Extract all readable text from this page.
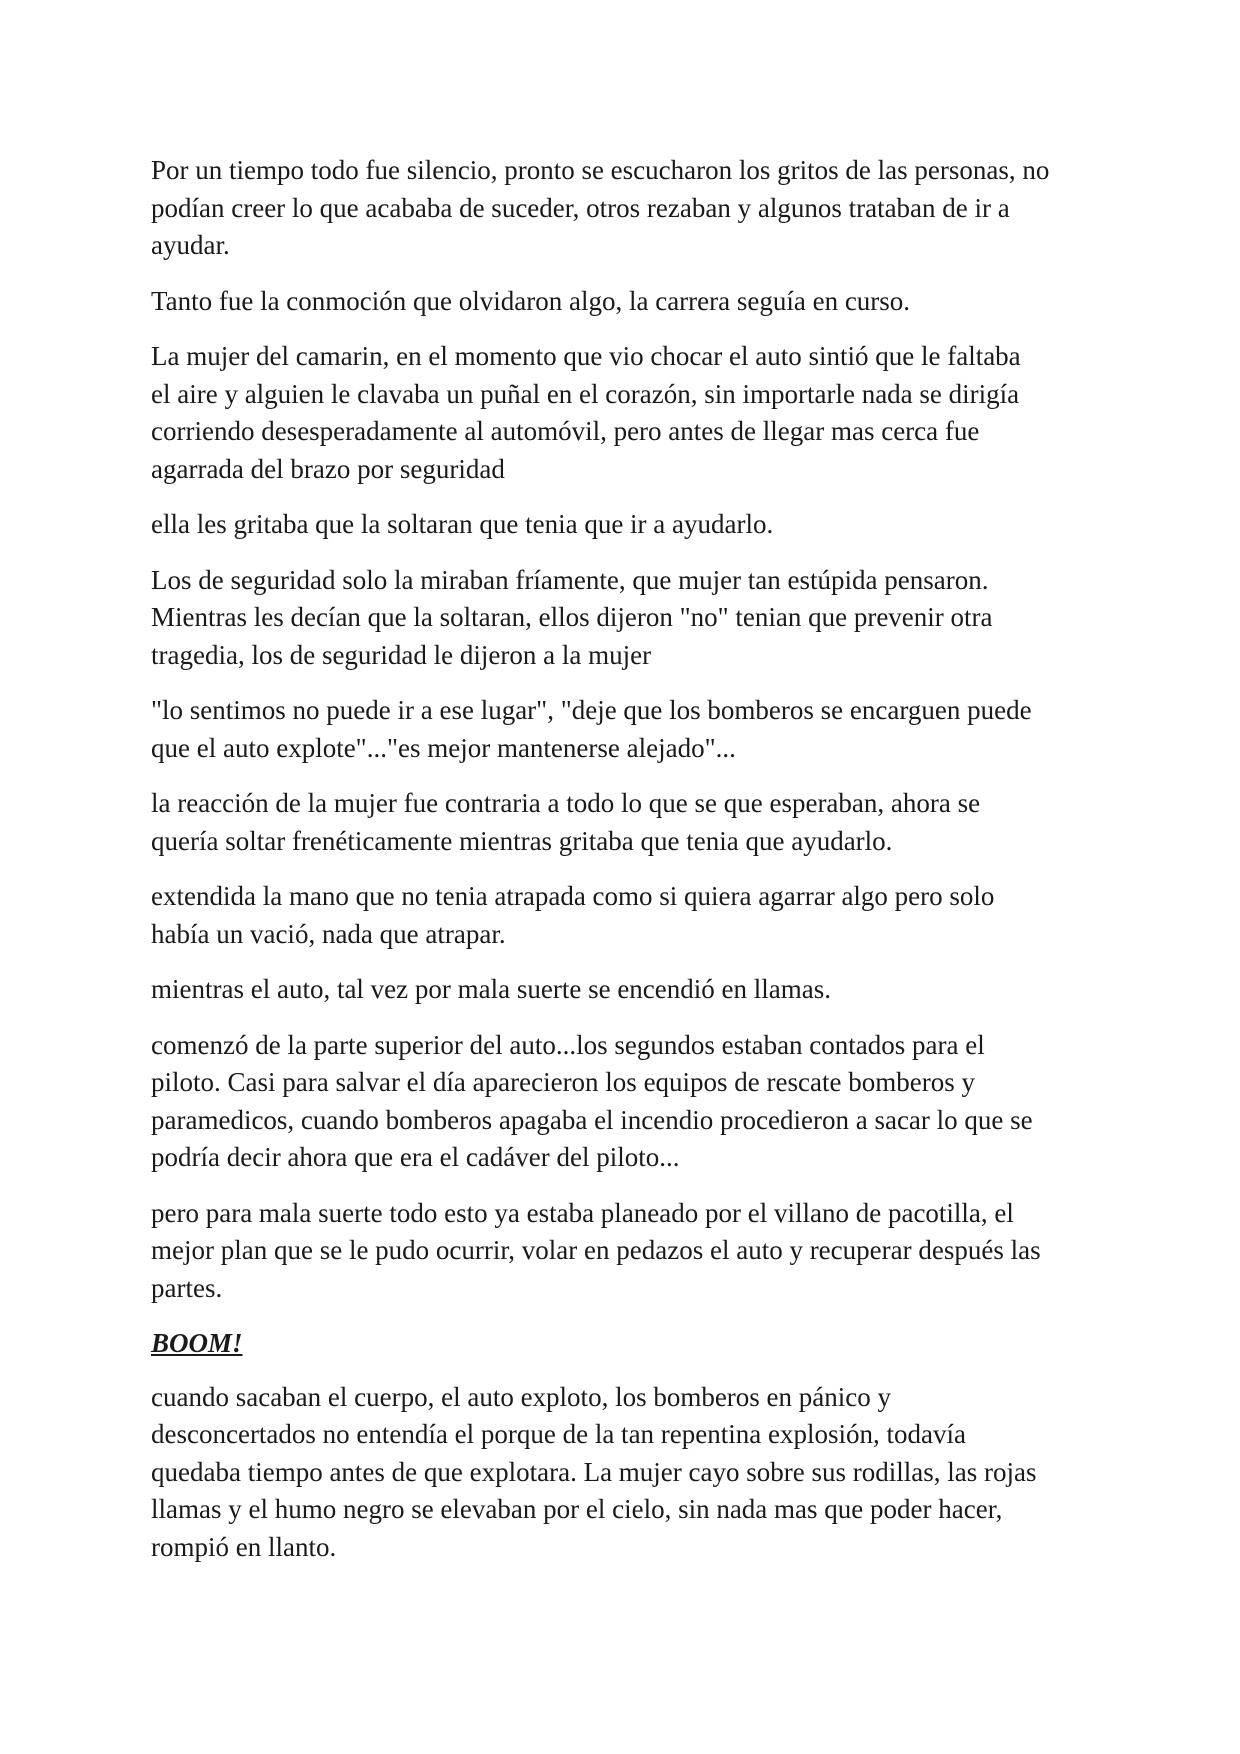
Por un tiempo todo fue silencio, pronto se escucharon los gritos de las personas, no
podían creer lo que acababa de suceder, otros rezaban y algunos trataban de ir a
ayudar.

Tanto fue la conmoción que olvidaron algo, la carrera seguía en curso.

La mujer del camarin, en el momento que vio chocar el auto sintió que le faltaba
el aire y alguien le clavaba un puñal en el corazón, sin importarle nada se dirigía
corriendo desesperadamente al automóvil, pero antes de llegar mas cerca fue
agarrada del brazo por seguridad

ella les gritaba que la soltaran que tenia que ir a ayudarlo.

Los de seguridad solo la miraban fríamente, que mujer tan estúpida pensaron.
Mientras les decían que la soltaran, ellos dijeron "no" tenian que prevenir otra
tragedia, los de seguridad le dijeron a la mujer

"lo sentimos no puede ir a ese lugar", "deje que los bomberos se encarguen puede
que el auto explote"..."es mejor mantenerse alejado"...

la reacción de la mujer fue contraria a todo lo que se que esperaban, ahora se
quería soltar frenéticamente mientras gritaba que tenia que ayudarlo.

extendida la mano que no tenia atrapada como si quiera agarrar algo pero solo
había un vació, nada que atrapar.

mientras el auto, tal vez por mala suerte se encendió en llamas.

comenzó de la parte superior del auto...los segundos estaban contados para el
piloto. Casi para salvar el día aparecieron los equipos de rescate bomberos y
paramedicos, cuando bomberos apagaba el incendio procedieron a sacar lo que se
podría decir ahora que era el cadáver del piloto...

pero para mala suerte todo esto ya estaba planeado por el villano de pacotilla, el
mejor plan que se le pudo ocurrir, volar en pedazos el auto y recuperar después las
partes.

BOOM!

cuando sacaban el cuerpo, el auto exploto, los bomberos en pánico y
desconcertados no entendía el porque de la tan repentina explosión, todavía
quedaba tiempo antes de que explotara. La mujer cayo sobre sus rodillas, las rojas
llamas y el humo negro se elevaban por el cielo, sin nada mas que poder hacer,
rompió en llanto.
